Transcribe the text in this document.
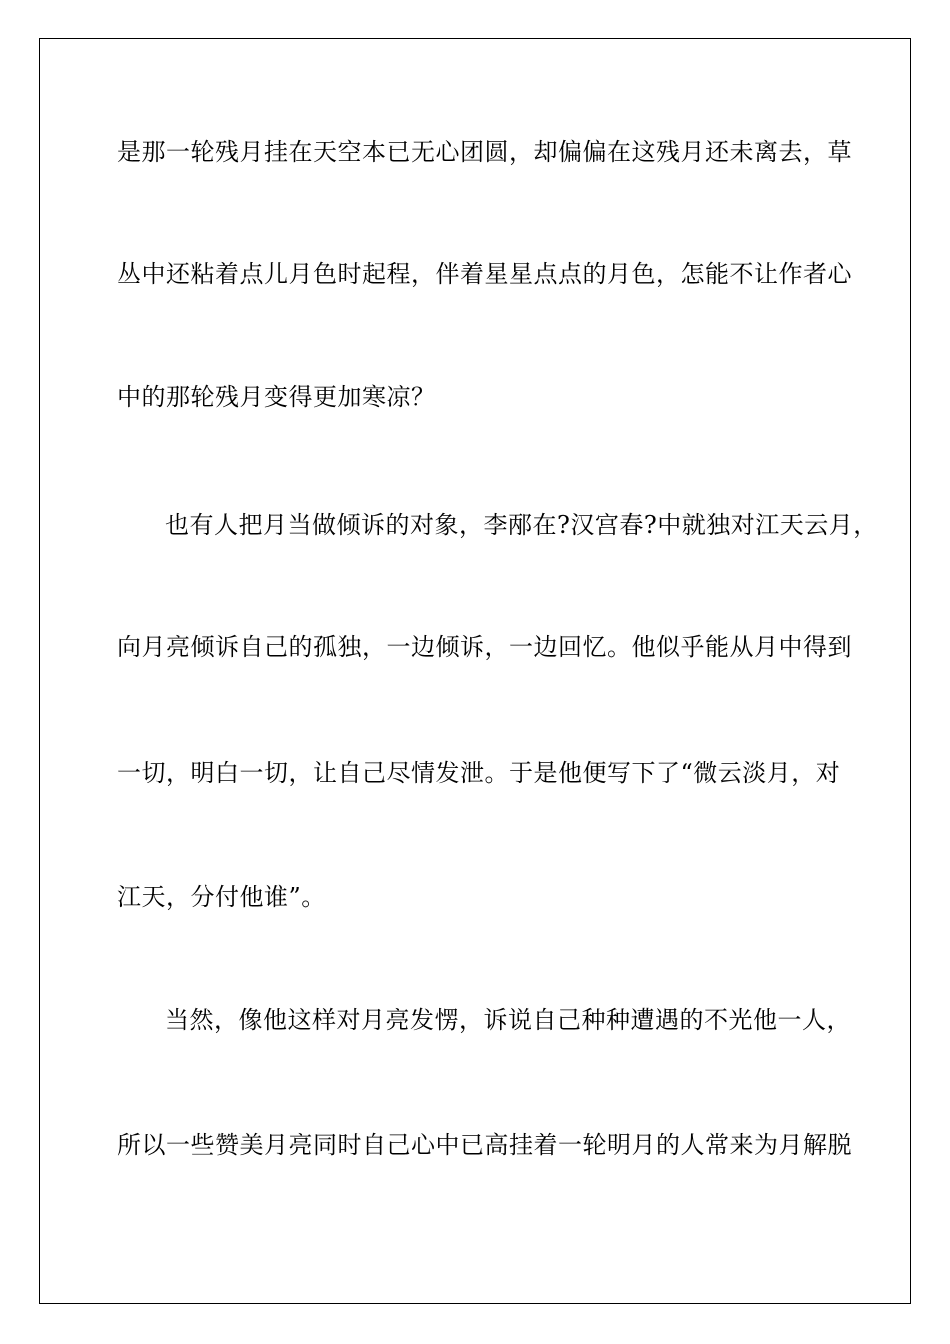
是那一轮残月挂在天空本已无心团圆，却偏偏在这残月还未离去，草
丛中还粘着点儿月色时起程，伴着星星点点的月色，怎能不让作者心
中的那轮残月变得更加寒凉？
也有人把月当做倾诉的对象，李邴在?汉宫春?中就独对江天云月，
向月亮倾诉自己的孤独，一边倾诉，一边回忆。他似乎能从月中得到
一切，明白一切，让自己尽情发泄。于是他便写下了“微云淡月，对
江天，分付他谁”。
当然，像他这样对月亮发愣，诉说自己种种遭遇的不光他一人，
所以一些赞美月亮同时自己心中已高挂着一轮明月的人常来为月解脱
